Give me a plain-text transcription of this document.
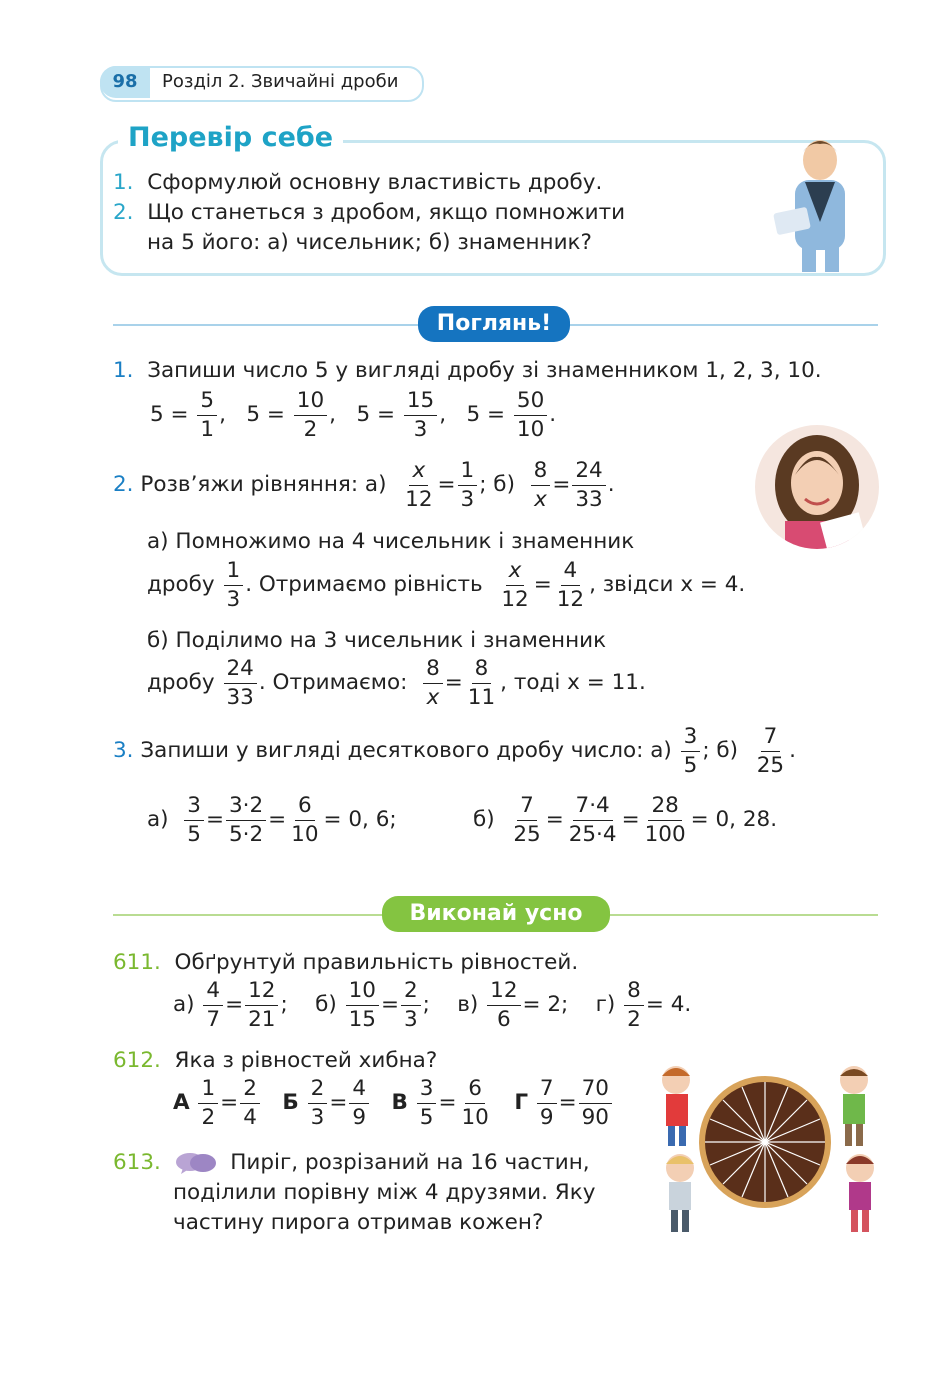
98	Розділ 2. Звичайні дроби
Перевір себе
1. Сформулюй основну властивість дробу.
2. Що станеться з дробом, якщо помножити
на 5 його: а) чисельник; б) знаменник?
Поглянь!
1. Запиши число 5 у вигляді дробу зі знаменником 1, 2, 3, 10.
$5 = \frac{5}{1}$ ,   $5 = \frac{10}{2}$ ,   $5 = \frac{15}{3}$ ,   $5 = \frac{50}{10}$ .
2.
Розв’яжи рівняння: а)
$\frac{x}{12} = \frac{1}{3}$ ; б)
$\frac{8}{x} = \frac{24}{33}$ .
а) Помножимо на 4 чисельник і знаменник
дробу
$\frac{1}{3}$ . Отримаємо рівність
$\frac{x}{12} = \frac{4}{12}$ , звідси x = 4.
б) Поділимо на 3 чисельник і знаменник
дробу
$\frac{24}{33}$ . Отримаємо:
$\frac{8}{x} = \frac{8}{11}$ , тоді x = 11.
3.
Запиши у вигляді десяткового дробу число: а)
$\frac{3}{5}$ ; б)
$\frac{7}{25}$ .
а)
$\frac{3}{5} = \frac{3\cdot 2}{5\cdot 2} = \frac{6}{10} = 0$, 6;	б)
$\frac{7}{25} = \frac{7\cdot 4}{25\cdot 4} = \frac{28}{100} = 0$, 28.
Виконай усно
611. Обґрунтуй правильність рівностей.
а)
$\frac{4}{7} = \frac{12}{21}$ ;
б)
$\frac{10}{15} = \frac{2}{3}$ ;
в)
$\frac{12}{6} = 2$;
г)
$\frac{8}{2} = 4$.
612. Яка з рівностей хибна?
А
$\frac{1}{2} = \frac{2}{4}$
Б
$\frac{2}{3} = \frac{4}{9}$
В
$\frac{3}{5} = \frac{6}{10}$
Г
$\frac{7}{9} = \frac{70}{90}$
613.	Пиріг, розрізаний на 16 частин,
поділили порівну між 4 друзями. Яку
частину пирога отримав кожен?
